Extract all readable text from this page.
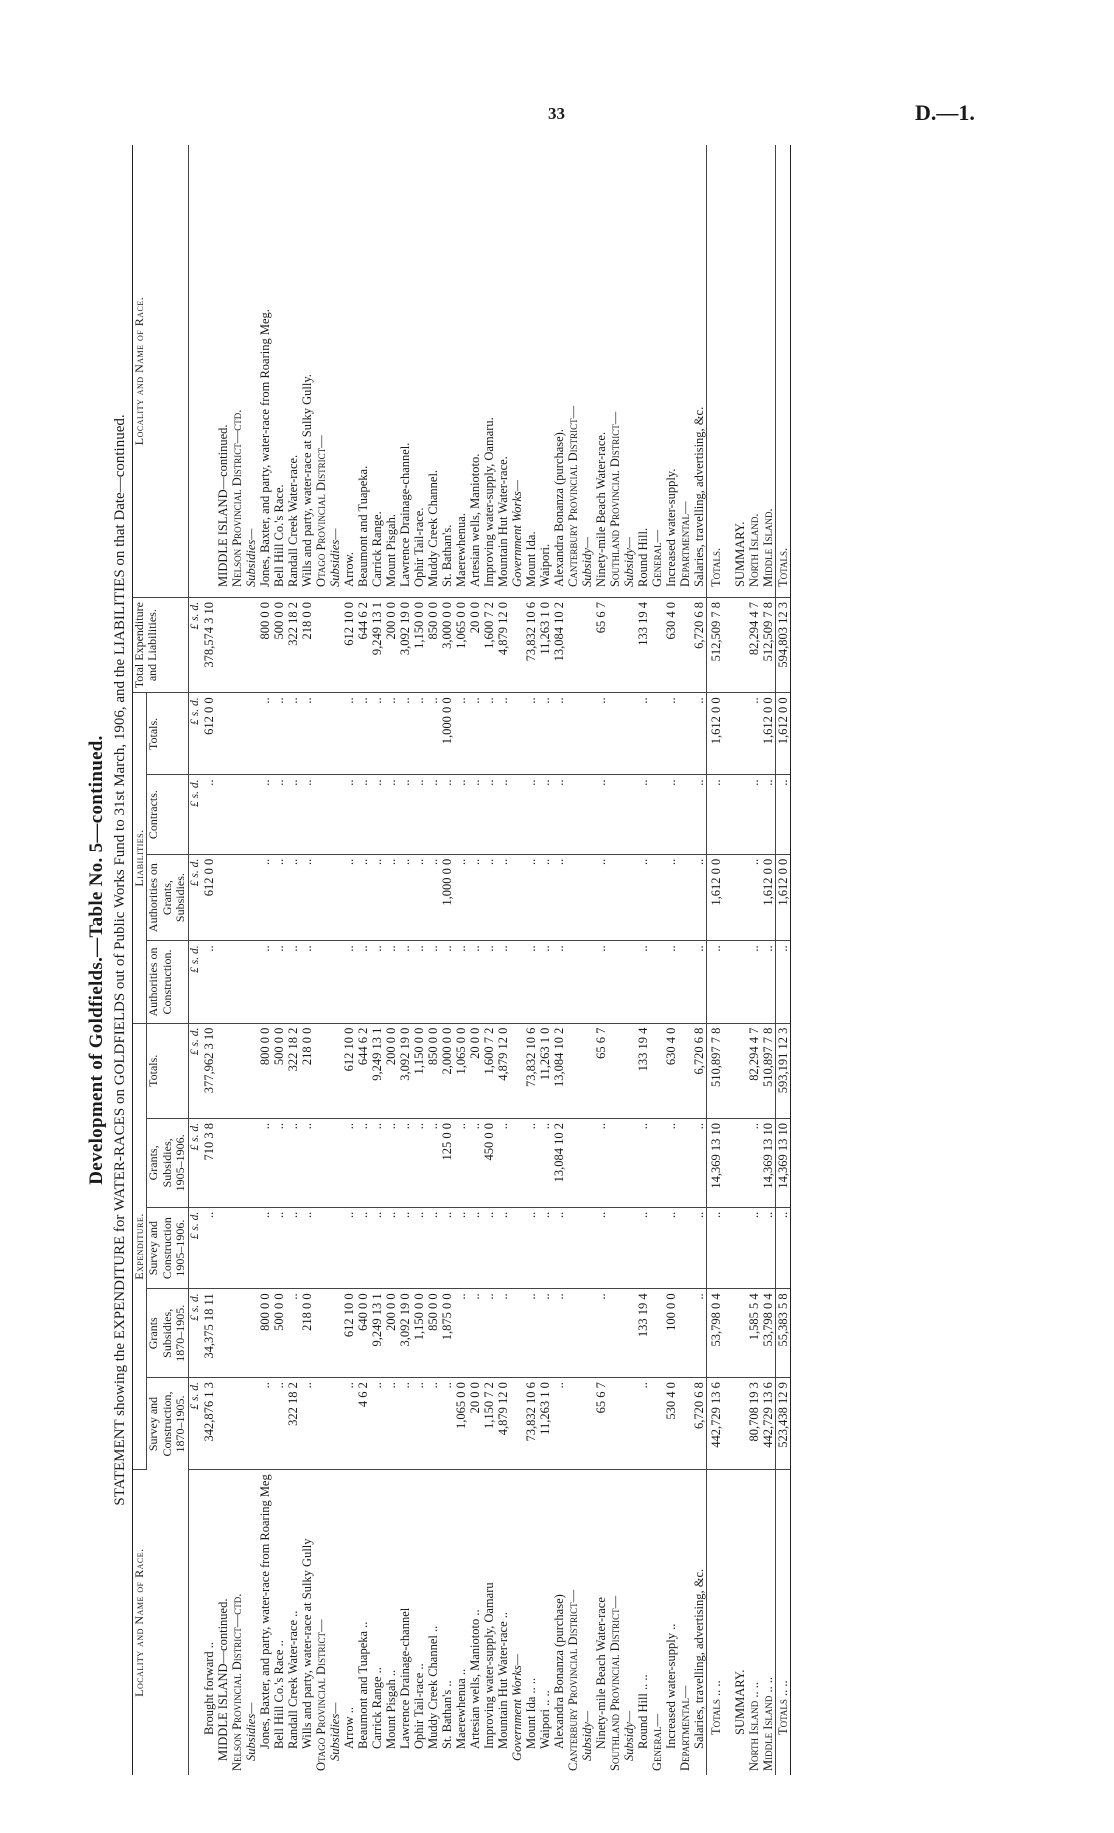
33	D.—1.
Development of Goldfields.—Table No. 5—continued. STATEMENT showing the EXPENDITURE for WATER-RACES on GOLDFIELDS out of Public Works Fund to 31st March, 1906, and the LIABILITIES on that Date—continued.
Locality and Name of Race.	Expenditure.					Liabilities.				Total Expenditure and Liabilities.	Locality and Name of Race.
	Survey and Construction, 1870–1905.	Grants Subsidies, 1870–1905.	Survey and Construction 1905–1906.	Grants, Subsidies, 1905–1906.	Totals.	Authorities on Construction.	Authorities on Grants, Subsidies.	Contracts.	Totals.		
	£ s. d.	£ s. d.	£ s. d.	£ s. d.	£ s. d.	£ s. d.	£ s. d.	£ s. d.	£ s. d.	£ s. d.	
Brought forward ..	342,876 1 3	34,375 18 11	..	710 3 8	377,962 3 10	..	612 0 0	..	612 0 0	378,574 3 10	
MIDDLE ISLAND—continued.											MIDDLE ISLAND—continued.
Nelson Provincial District—ctd.											Nelson Provincial District—ctd.
Subsidies—											Subsidies—
Jones, Baxter, and party, water-race from Roaring Meg	..	800 0 0	..	..	800 0 0	..	..	..	..	800 0 0	Jones, Baxter, and party, water-race from Roaring Meg.
Bell Hill Co.'s Race ..	..	500 0 0	..	..	500 0 0	..	..	..	..	500 0 0	Bell Hill Co.'s Race.
Randall Creek Water-race ..	322 18 2	..	..	..	322 18 2	..	..	..	..	322 18 2	Randall Creek Water-race.
Wills and party, water-race at Sulky Gully	..	218 0 0	..	..	218 0 0	..	..	..	..	218 0 0	Wills and party, water-race at Sulky Gully.
Otago Provincial District—											Otago Provincial District—
Subsidies—											Subsidies—
Arrow ..	..	612 10 0	..	..	612 10 0	..	..	..	..	612 10 0	Arrow.
Beaumont and Tuapeka ..	4 6 2	640 0 0	..	..	644 6 2	..	..	..	..	644 6 2	Beaumont and Tuapeka.
Carrick Range ..	..	9,249 13 1	..	..	9,249 13 1	..	..	..	..	9,249 13 1	Carrick Range.
Mount Pisgah ..	..	200 0 0	..	..	200 0 0	..	..	..	..	200 0 0	Mount Pisgah.
Lawrence Drainage-channel	..	3,092 19 0	..	..	3,092 19 0	..	..	..	..	3,092 19 0	Lawrence Drainage-channel.
Ophir Tail-race ..	..	1,150 0 0	..	..	1,150 0 0	..	..	..	..	1,150 0 0	Ophir Tail-race.
Muddy Creek Channel ..	..	850 0 0	..	..	850 0 0	..	..	..	..	850 0 0	Muddy Creek Channel.
St. Bathan's ..	..	1,875 0 0	..	125 0 0	2,000 0 0	..	1,000 0 0	..	1,000 0 0	3,000 0 0	St. Bathan's.
Maerewhenua ..	1,065 0 0	..	..	..	1,065 0 0	..	..	..	..	1,065 0 0	Maerewhenua.
Artesian wells, Maniototo ..	20 0 0	..	..	..	20 0 0	..	..	..	..	20 0 0	Artesian wells, Maniototo.
Improving water-supply, Oamaru	1,150 7 2	..	..	450 0 0	1,600 7 2	..	..	..	..	1,600 7 2	Improving water-supply, Oamaru.
Mountain Hut Water-race ..	4,879 12 0	..	..	..	4,879 12 0	..	..	..	..	4,879 12 0	Mountain Hut Water-race.
Government Works—											Government Works—
Mount Ida .. ..	73,832 10 6	..	..	..	73,832 10 6	..	..	..	..	73,832 10 6	Mount Ida.
Waipori .. ..	11,263 1 0	..	..	..	11,263 1 0	..	..	..	..	11,263 1 0	Waipori.
Alexandra Bonanza (purchase)	..	..	..	13,084 10 2	13,084 10 2	..	..	..	..	13,084 10 2	Alexandra Bonanza (purchase).
Canterbury Provincial District—											Canterbury Provincial District—
Subsidy—											Subsidy—
Ninety-mile Beach Water-race	65 6 7	..	..	..	65 6 7	..	..	..	..	65 6 7	Ninety-mile Beach Water-race.
Southland Provincial District—											Southland Provincial District—
Subsidy—											Subsidy—
Round Hill .. ..	..	133 19 4	..	..	133 19 4	..	..	..	..	133 19 4	Round Hill.
General—											General—
Increased water-supply ..	530 4 0	100 0 0	..	..	630 4 0	..	..	..	..	630 4 0	Increased water-supply.
Departmental—											Departmental—
Salaries, travelling, advertising, &c.	6,720 6 8	..	..	..	6,720 6 8	..	..	..	..	6,720 6 8	Salaries, travelling, advertising, &c.
Totals .. ..	442,729 13 6	53,798 0 4	..	14,369 13 10	510,897 7 8	..	1,612 0 0	..	1,612 0 0	512,509 7 8	Totals.
SUMMARY.											SUMMARY.
North Island .. ..	80,708 19 3	1,585 5 4	..	..	82,294 4 7	..	..	..	..	82,294 4 7	North Island.
Middle Island .. ..	442,729 13 6	53,798 0 4	..	14,369 13 10	510,897 7 8	..	1,612 0 0	..	1,612 0 0	512,509 7 8	Middle Island.
Totals .. ..	523,438 12 9	55,383 5 8	..	14,369 13 10	593,191 12 3	..	1,612 0 0	..	1,612 0 0	594,803 12 3	Totals.
